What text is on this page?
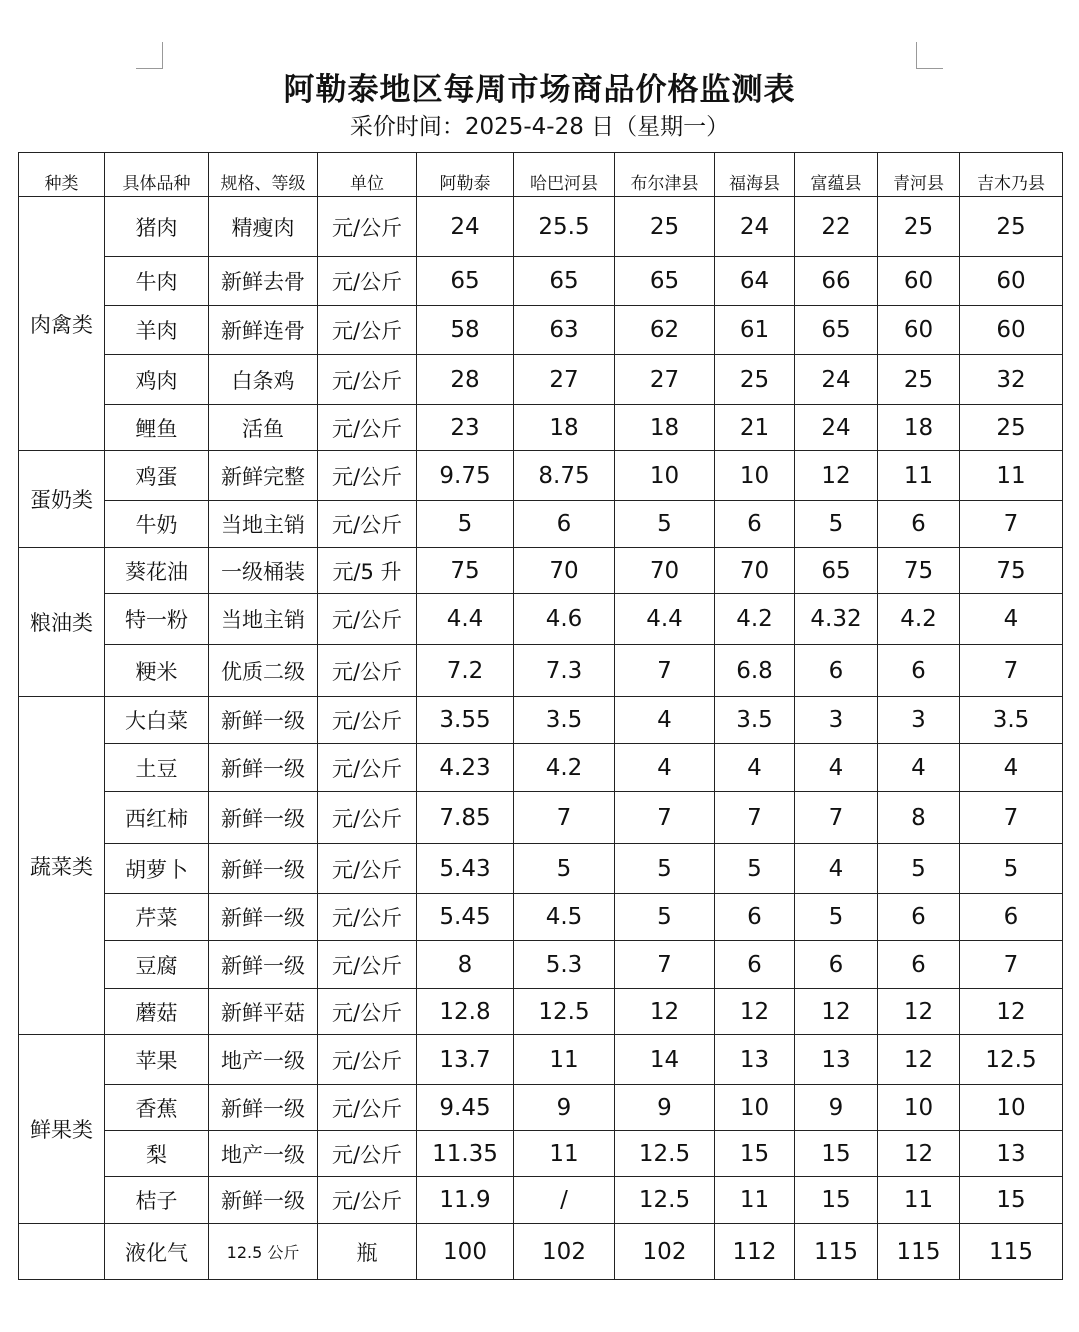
阿勒泰地区每周市场商品价格监测表
采价时间：2025-4-28 日（星期一）
种类	具体品种	规格、等级	单位	阿勒泰	哈巴河县	布尔津县	福海县	富蕴县	青河县	吉木乃县
肉禽类	猪肉	精瘦肉	元/公斤	24	25.5	25	24	22	25	25
	牛肉	新鲜去骨	元/公斤	65	65	65	64	66	60	60
	羊肉	新鲜连骨	元/公斤	58	63	62	61	65	60	60
	鸡肉	白条鸡	元/公斤	28	27	27	25	24	25	32
	鲤鱼	活鱼	元/公斤	23	18	18	21	24	18	25
蛋奶类	鸡蛋	新鲜完整	元/公斤	9.75	8.75	10	10	12	11	11
	牛奶	当地主销	元/公斤	5	6	5	6	5	6	7
粮油类	葵花油	一级桶装	元/5 升	75	70	70	70	65	75	75
	特一粉	当地主销	元/公斤	4.4	4.6	4.4	4.2	4.32	4.2	4
	粳米	优质二级	元/公斤	7.2	7.3	7	6.8	6	6	7
蔬菜类	大白菜	新鲜一级	元/公斤	3.55	3.5	4	3.5	3	3	3.5
	土豆	新鲜一级	元/公斤	4.23	4.2	4	4	4	4	4
	西红柿	新鲜一级	元/公斤	7.85	7	7	7	7	8	7
	胡萝卜	新鲜一级	元/公斤	5.43	5	5	5	4	5	5
	芹菜	新鲜一级	元/公斤	5.45	4.5	5	6	5	6	6
	豆腐	新鲜一级	元/公斤	8	5.3	7	6	6	6	7
	蘑菇	新鲜平菇	元/公斤	12.8	12.5	12	12	12	12	12
鲜果类	苹果	地产一级	元/公斤	13.7	11	14	13	13	12	12.5
	香蕉	新鲜一级	元/公斤	9.45	9	9	10	9	10	10
	梨	地产一级	元/公斤	11.35	11	12.5	15	15	12	13
	桔子	新鲜一级	元/公斤	11.9	/	12.5	11	15	11	15
	液化气	12.5 公斤	瓶	100	102	102	112	115	115	115
